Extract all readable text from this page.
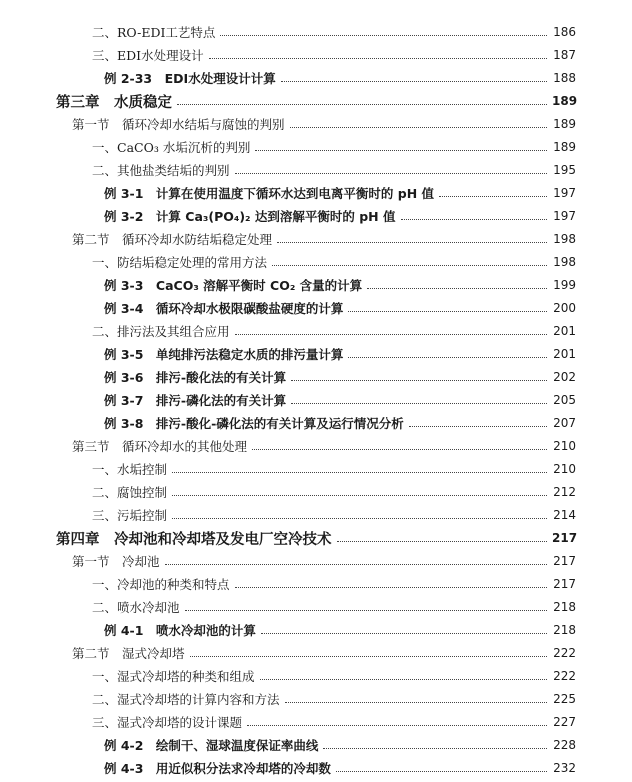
二、RO-EDI工艺特点	186
三、EDI水处理设计	187
例 2-33　EDI水处理设计计算	188
第三章　水质稳定	189
第一节　循环冷却水结垢与腐蚀的判别	189
一、CaCO₃ 水垢沉析的判别	189
二、其他盐类结垢的判别	195
例 3-1　计算在使用温度下循环水达到电离平衡时的 pH 值	197
例 3-2　计算 Ca₃(PO₄)₂ 达到溶解平衡时的 pH 值	197
第二节　循环冷却水防结垢稳定处理	198
一、防结垢稳定处理的常用方法	198
例 3-3　CaCO₃ 溶解平衡时 CO₂ 含量的计算	199
例 3-4　循环冷却水极限碳酸盐硬度的计算	200
二、排污法及其组合应用	201
例 3-5　单纯排污法稳定水质的排污量计算	201
例 3-6　排污-酸化法的有关计算	202
例 3-7　排污-磷化法的有关计算	205
例 3-8　排污-酸化-磷化法的有关计算及运行情况分析	207
第三节　循环冷却水的其他处理	210
一、水垢控制	210
二、腐蚀控制	212
三、污垢控制	214
第四章　冷却池和冷却塔及发电厂空冷技术	217
第一节　冷却池	217
一、冷却池的种类和特点	217
二、喷水冷却池	218
例 4-1　喷水冷却池的计算	218
第二节　湿式冷却塔	222
一、湿式冷却塔的种类和组成	222
二、湿式冷却塔的计算内容和方法	225
三、湿式冷却塔的设计课题	227
例 4-2　绘制干、湿球温度保证率曲线	228
例 4-3　用近似积分法求冷却塔的冷却数	232
